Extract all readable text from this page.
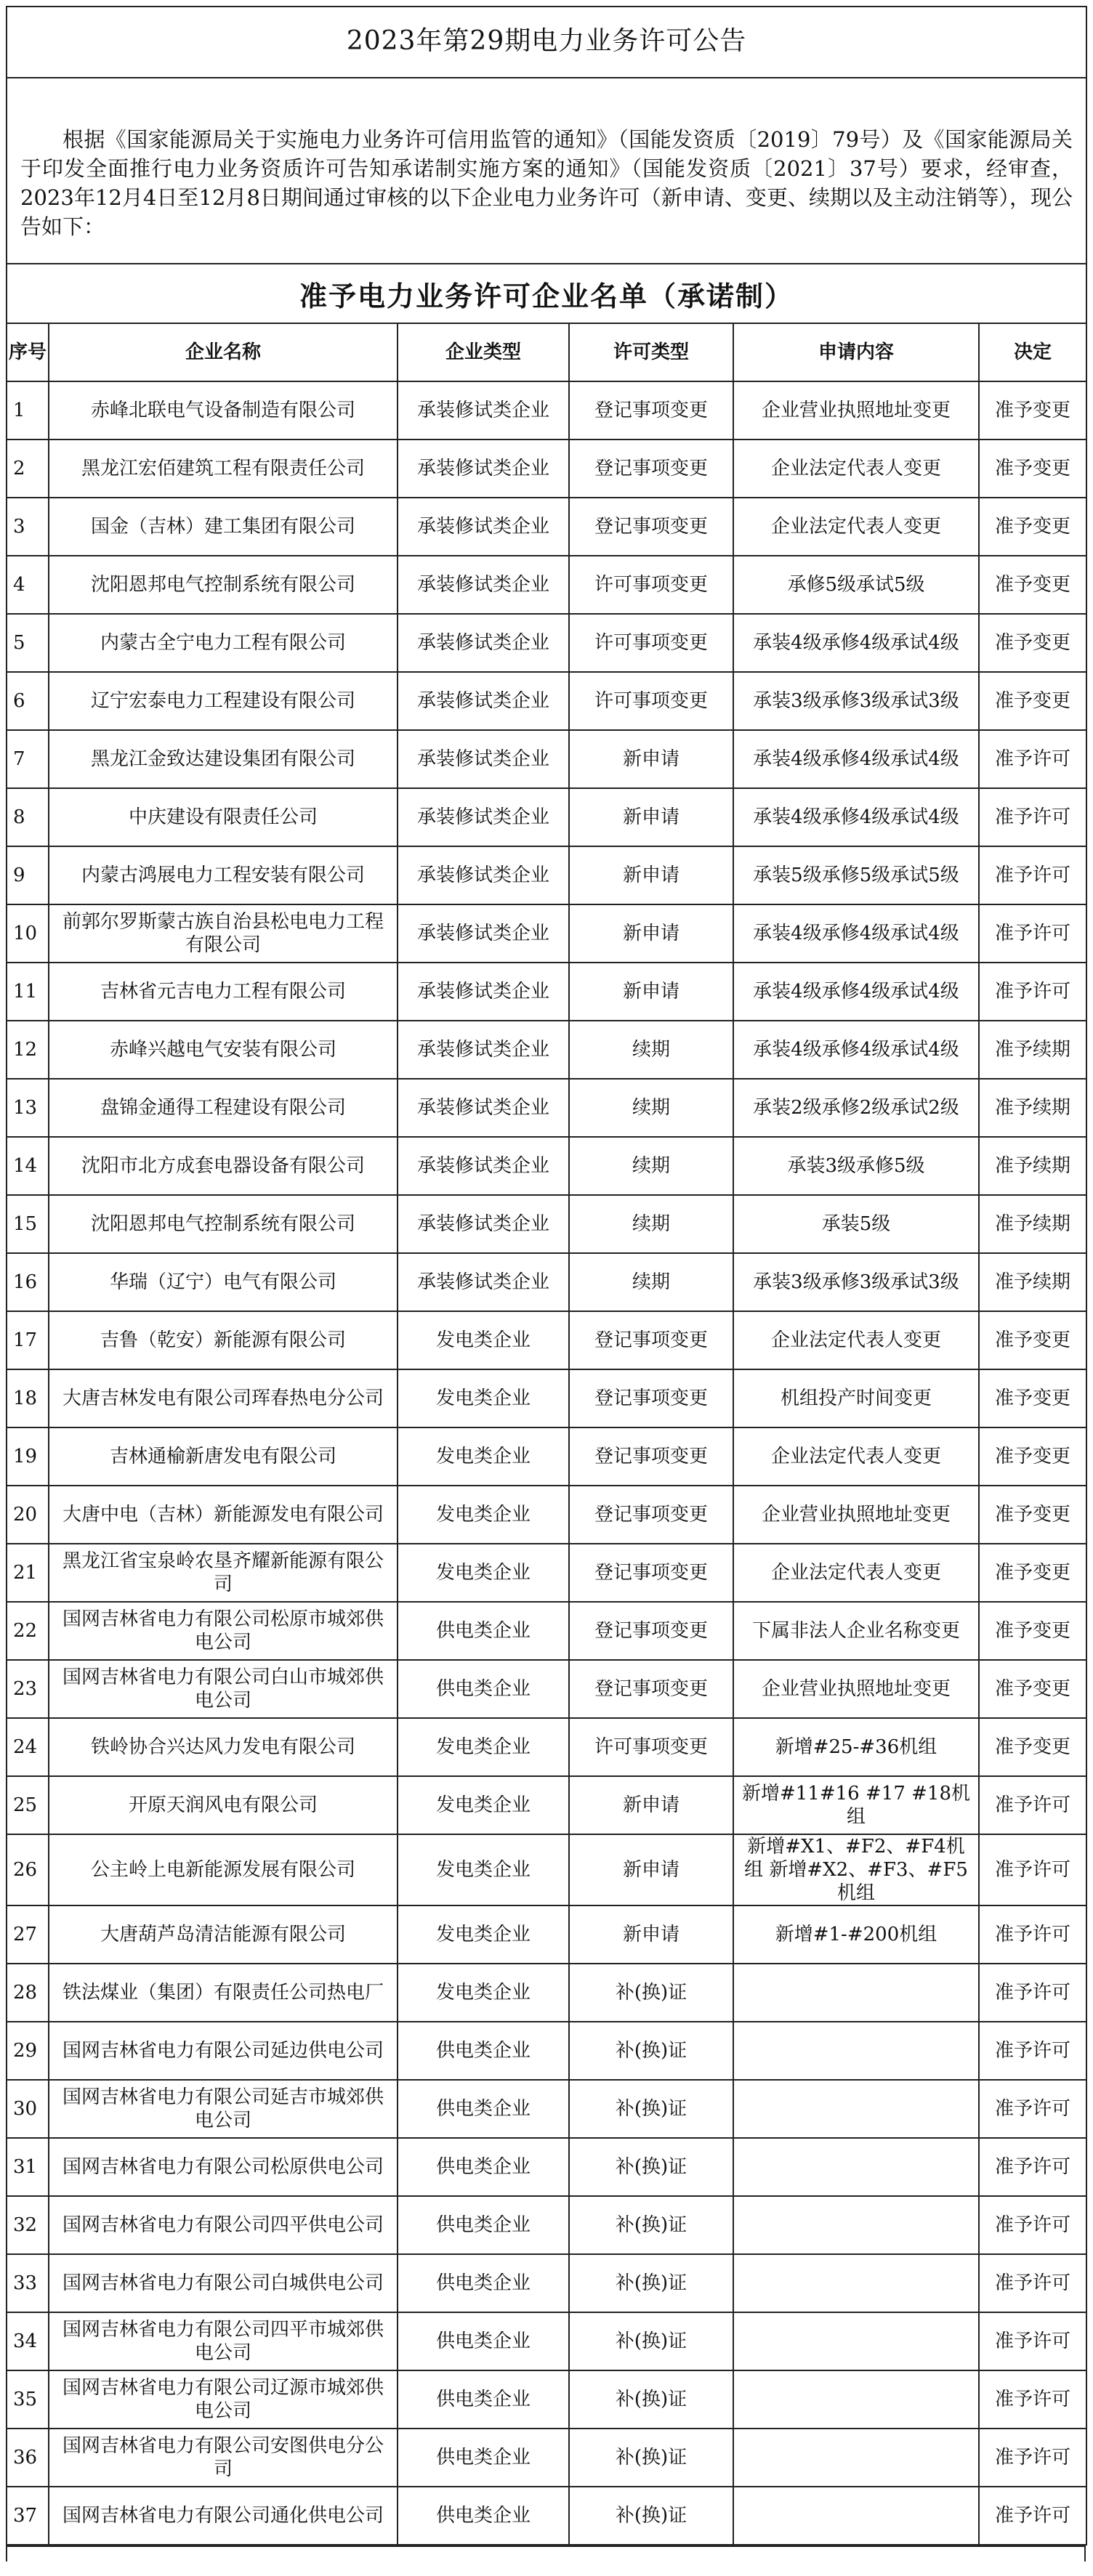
2023年第29期电力业务许可公告					
根据《国家能源局关于实施电力业务许可信用监管的通知》（国能发资质〔2019〕79号）及《国家能源局关于印发全面推行电力业务资质许可告知承诺制实施方案的通知》（国能发资质〔2021〕37号）要求，经审查，2023年12月4日至12月8日期间通过审核的以下企业电力业务许可（新申请、变更、续期以及主动注销等），现公告如下：					
准予电力业务许可企业名单（承诺制）					
序号	企业名称	企业类型	许可类型	申请内容	决定
1	赤峰北联电气设备制造有限公司	承装修试类企业	登记事项变更	企业营业执照地址变更	准予变更
2	黑龙江宏佰建筑工程有限责任公司	承装修试类企业	登记事项变更	企业法定代表人变更	准予变更
3	国金（吉林）建工集团有限公司	承装修试类企业	登记事项变更	企业法定代表人变更	准予变更
4	沈阳恩邦电气控制系统有限公司	承装修试类企业	许可事项变更	承修5级承试5级	准予变更
5	内蒙古全宁电力工程有限公司	承装修试类企业	许可事项变更	承装4级承修4级承试4级	准予变更
6	辽宁宏泰电力工程建设有限公司	承装修试类企业	许可事项变更	承装3级承修3级承试3级	准予变更
7	黑龙江金致达建设集团有限公司	承装修试类企业	新申请	承装4级承修4级承试4级	准予许可
8	中庆建设有限责任公司	承装修试类企业	新申请	承装4级承修4级承试4级	准予许可
9	内蒙古鸿展电力工程安装有限公司	承装修试类企业	新申请	承装5级承修5级承试5级	准予许可
10	前郭尔罗斯蒙古族自治县松电电力工程有限公司	承装修试类企业	新申请	承装4级承修4级承试4级	准予许可
11	吉林省元吉电力工程有限公司	承装修试类企业	新申请	承装4级承修4级承试4级	准予许可
12	赤峰兴越电气安装有限公司	承装修试类企业	续期	承装4级承修4级承试4级	准予续期
13	盘锦金通得工程建设有限公司	承装修试类企业	续期	承装2级承修2级承试2级	准予续期
14	沈阳市北方成套电器设备有限公司	承装修试类企业	续期	承装3级承修5级	准予续期
15	沈阳恩邦电气控制系统有限公司	承装修试类企业	续期	承装5级	准予续期
16	华瑞（辽宁）电气有限公司	承装修试类企业	续期	承装3级承修3级承试3级	准予续期
17	吉鲁（乾安）新能源有限公司	发电类企业	登记事项变更	企业法定代表人变更	准予变更
18	大唐吉林发电有限公司珲春热电分公司	发电类企业	登记事项变更	机组投产时间变更	准予变更
19	吉林通榆新唐发电有限公司	发电类企业	登记事项变更	企业法定代表人变更	准予变更
20	大唐中电（吉林）新能源发电有限公司	发电类企业	登记事项变更	企业营业执照地址变更	准予变更
21	黑龙江省宝泉岭农垦齐耀新能源有限公司	发电类企业	登记事项变更	企业法定代表人变更	准予变更
22	国网吉林省电力有限公司松原市城郊供电公司	供电类企业	登记事项变更	下属非法人企业名称变更	准予变更
23	国网吉林省电力有限公司白山市城郊供电公司	供电类企业	登记事项变更	企业营业执照地址变更	准予变更
24	铁岭协合兴达风力发电有限公司	发电类企业	许可事项变更	新增#25-#36机组	准予变更
25	开原天润风电有限公司	发电类企业	新申请	新增#11#16 #17 #18机组	准予许可
26	公主岭上电新能源发展有限公司	发电类企业	新申请	新增#X1、#F2、#F4机组 新增#X2、#F3、#F5机组	准予许可
27	大唐葫芦岛清洁能源有限公司	发电类企业	新申请	新增#1-#200机组	准予许可
28	铁法煤业（集团）有限责任公司热电厂	发电类企业	补(换)证		准予许可
29	国网吉林省电力有限公司延边供电公司	供电类企业	补(换)证		准予许可
30	国网吉林省电力有限公司延吉市城郊供电公司	供电类企业	补(换)证		准予许可
31	国网吉林省电力有限公司松原供电公司	供电类企业	补(换)证		准予许可
32	国网吉林省电力有限公司四平供电公司	供电类企业	补(换)证		准予许可
33	国网吉林省电力有限公司白城供电公司	供电类企业	补(换)证		准予许可
34	国网吉林省电力有限公司四平市城郊供电公司	供电类企业	补(换)证		准予许可
35	国网吉林省电力有限公司辽源市城郊供电公司	供电类企业	补(换)证		准予许可
36	国网吉林省电力有限公司安图供电分公司	供电类企业	补(换)证		准予许可
37	国网吉林省电力有限公司通化供电公司	供电类企业	补(换)证		准予许可
